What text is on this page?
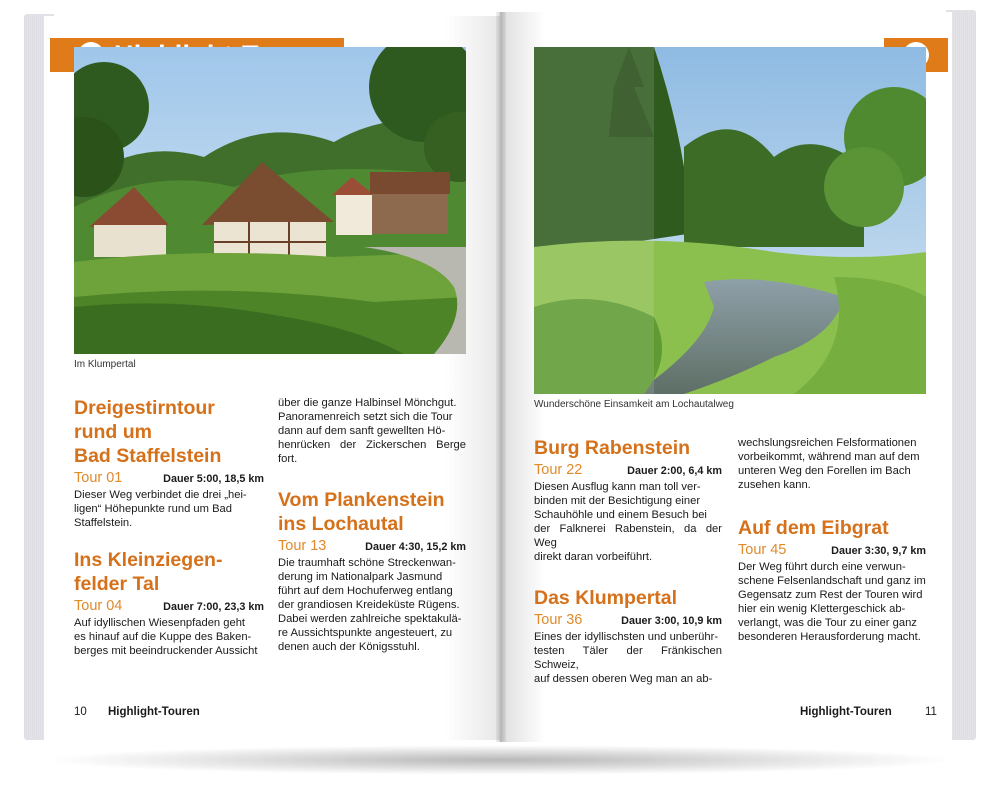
Im Klumpertal
Wunderschöne Einsamkeit am Lochautalweg
Dreigestirntour
rund um
Bad Staffelstein
Tour 01	Dauer 5:00, 18,5 km
Dieser Weg verbindet die drei „hei-
ligen“ Höhepunkte rund um Bad
Staffelstein.
Ins Kleinziegen-
felder Tal
Tour 04	Dauer 7:00, 23,3 km
Auf idyllischen Wiesenpfaden geht
es hinauf auf die Kuppe des Baken-
berges mit beeindruckender Aussicht
über die ganze Halbinsel Mönchgut.
Panoramenreich setzt sich die Tour
dann auf dem sanft gewellten Hö-
henrücken der Zickerschen Berge fort.
Vom Plankenstein
ins Lochautal
Tour 13	Dauer 4:30, 15,2 km
Die traumhaft schöne Streckenwan-
derung im Nationalpark Jasmund
führt auf dem Hochuferweg entlang
der grandiosen Kreideküste Rügens.
Dabei werden zahlreiche spektakulä-
re Aussichtspunkte angesteuert, zu
denen auch der Königsstuhl.
Burg Rabenstein
Tour 22	Dauer 2:00, 6,4 km
Diesen Ausflug kann man toll ver-
binden mit der Besichtigung einer
Schauhöhle und einem Besuch bei
der Falknerei Rabenstein, da der Weg
direkt daran vorbeiführt.
Das Klumpertal
Tour 36	Dauer 3:00, 10,9 km
Eines der idyllischsten und unberühr-
testen Täler der Fränkischen Schweiz,
auf dessen oberen Weg man an ab-
wechslungsreichen Felsformationen
vorbeikommt, während man auf dem
unteren Weg den Forellen im Bach
zusehen kann.
Auf dem Eibgrat
Tour 45	Dauer 3:30, 9,7 km
Der Weg führt durch eine verwun-
schene Felsenlandschaft und ganz im
Gegensatz zum Rest der Touren wird
hier ein wenig Klettergeschick ab-
verlangt, was die Tour zu einer ganz
besonderen Herausforderung macht.
10 Highlight-Touren	Highlight-Touren	11
